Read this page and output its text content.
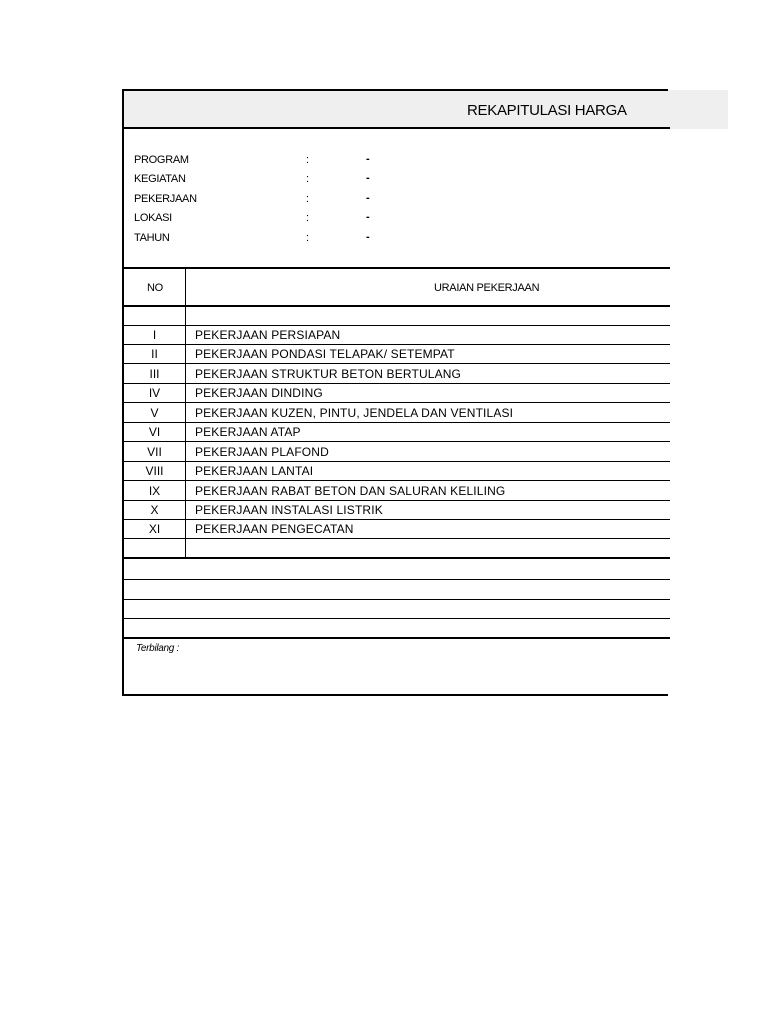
REKAPITULASI HARGA
PROGRAM	:	-
KEGIATAN	:	-
PEKERJAAN	:	-
LOKASI	:	-
TAHUN	:	-
NO	URAIAN PEKERJAAN
I	PEKERJAAN PERSIAPAN
II	PEKERJAAN PONDASI TELAPAK/ SETEMPAT
III	PEKERJAAN STRUKTUR BETON BERTULANG
IV	PEKERJAAN DINDING
V	PEKERJAAN KUZEN, PINTU, JENDELA DAN VENTILASI
VI	PEKERJAAN ATAP
VII	PEKERJAAN PLAFOND
VIII	PEKERJAAN LANTAI
IX	PEKERJAAN RABAT BETON DAN SALURAN KELILING
X	PEKERJAAN INSTALASI LISTRIK
XI	PEKERJAAN PENGECATAN
Terbilang :
